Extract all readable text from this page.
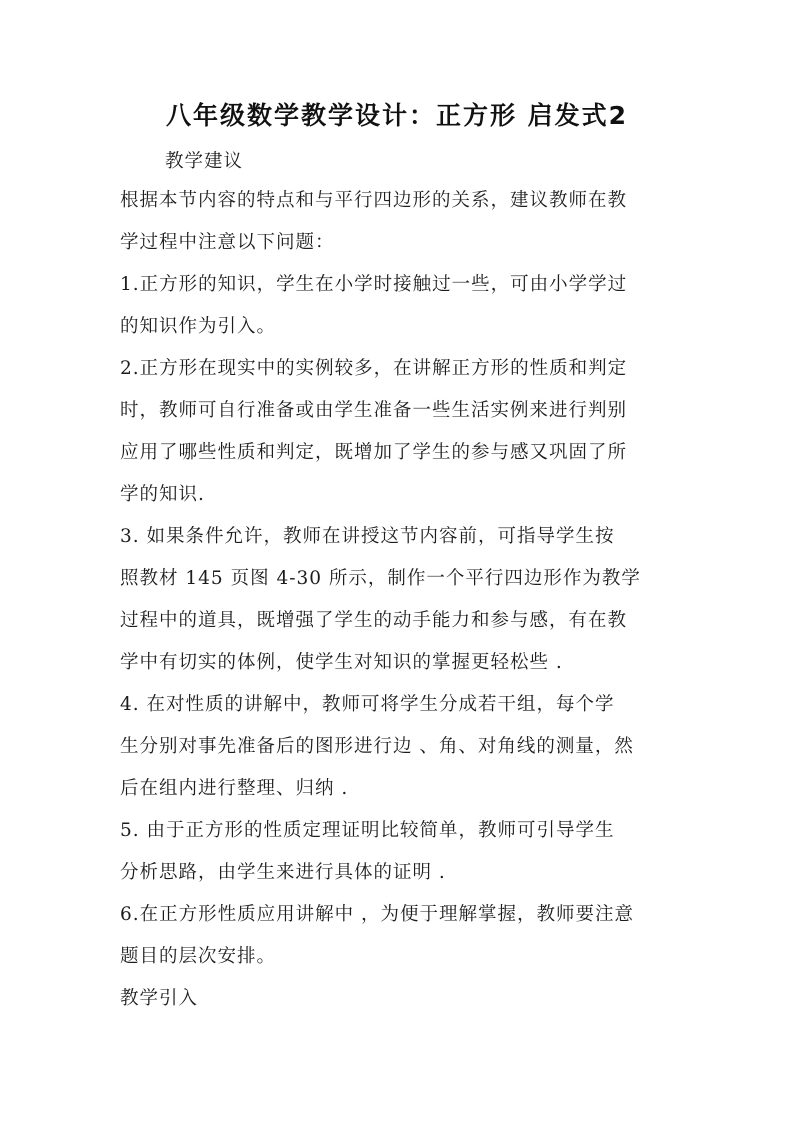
八年级数学教学设计：正方形 启发式2
教学建议
根据本节内容的特点和与平行四边形的关系，建议教师在教
学过程中注意以下问题：
1.正方形的知识，学生在小学时接触过一些，可由小学学过
的知识作为引入。
2.正方形在现实中的实例较多，在讲解正方形的性质和判定
时，教师可自行准备或由学生准备一些生活实例来进行判别
应用了哪些性质和判定，既增加了学生的参与感又巩固了所
学的知识.
3. 如果条件允许，教师在讲授这节内容前，可指导学生按
照教材 145 页图 4-30 所示，制作一个平行四边形作为教学
过程中的道具，既增强了学生的动手能力和参与感，有在教
学中有切实的体例，使学生对知识的掌握更轻松些 .
4. 在对性质的讲解中，教师可将学生分成若干组，每个学
生分别对事先准备后的图形进行边 、角、对角线的测量，然
后在组内进行整理、归纳 .
5. 由于正方形的性质定理证明比较简单，教师可引导学生
分析思路，由学生来进行具体的证明 .
6.在正方形性质应用讲解中 ，为便于理解掌握，教师要注意
题目的层次安排。
教学引入
